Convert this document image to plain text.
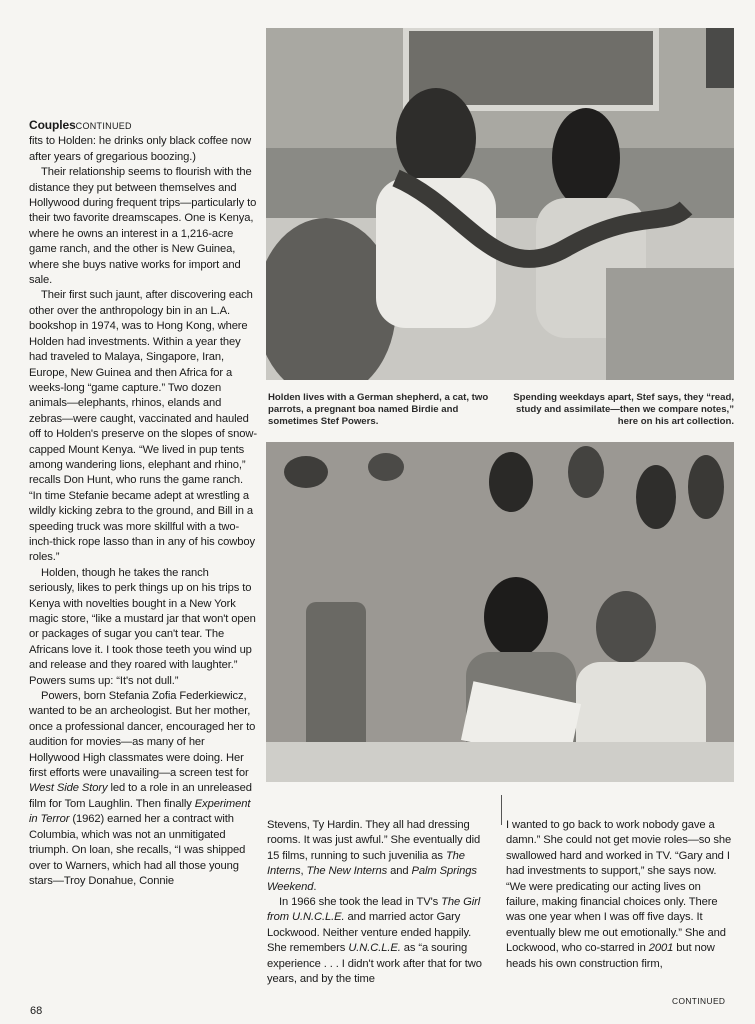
Holden lives with a German shepherd, a cat, two parrots, a pregnant boa named Birdie and sometimes Stef Powers.
Spending weekdays apart, Stef says, they “read, study and assimilate—then we compare notes,” here on his art collection.

CouplesCONTINUED
fits to Holden: he drinks only black coffee now after years of gregarious boozing.)

Their relationship seems to flourish with the distance they put between themselves and Hollywood during frequent trips—particularly to their two favorite dreamscapes. One is Kenya, where he owns an interest in a 1,216-acre game ranch, and the other is New Guinea, where she buys native works for import and sale.

Their first such jaunt, after discovering each other over the anthropology bin in an L.A. bookshop in 1974, was to Hong Kong, where Holden had investments. Within a year they had traveled to Malaya, Singapore, Iran, Europe, New Guinea and then Africa for a weeks-long “game capture.” Two dozen animals—elephants, rhinos, elands and zebras—were caught, vaccinated and hauled off to Holden's preserve on the slopes of snow-capped Mount Kenya. “We lived in pup tents among wandering lions, elephant and rhino,” recalls Don Hunt, who runs the game ranch. “In time Stefanie became adept at wrestling a wildly kicking zebra to the ground, and Bill in a speeding truck was more skillful with a two-inch-thick rope lasso than in any of his cowboy roles.”

Holden, though he takes the ranch seriously, likes to perk things up on his trips to Kenya with novelties bought in a New York magic store, “like a mustard jar that won't open or packages of sugar you can't tear. The Africans love it. I took those teeth you wind up and release and they roared with laughter.” Powers sums up: “It's not dull.”

Powers, born Stefania Zofia Federkiewicz, wanted to be an archeologist. But her mother, once a professional dancer, encouraged her to audition for movies—as many of her Hollywood High classmates were doing. Her first efforts were unavailing—a screen test for West Side Story led to a role in an unreleased film for Tom Laughlin. Then finally Experiment in Terror (1962) earned her a contract with Columbia, which was not an unmitigated triumph. On loan, she recalls, “I was shipped over to Warners, which had all those young stars—Troy Donahue, Connie

Stevens, Ty Hardin. They all had dressing rooms. It was just awful.” She eventually did 15 films, running to such juvenilia as The Interns, The New Interns and Palm Springs Weekend.

In 1966 she took the lead in TV's The Girl from U.N.C.L.E. and married actor Gary Lockwood. Neither venture ended happily. She remembers U.N.C.L.E. as “a souring experience . . . I didn't work after that for two years, and by the time

I wanted to go back to work nobody gave a damn.” She could not get movie roles—so she swallowed hard and worked in TV. “Gary and I had investments to support,” she says now. “We were predicating our acting lives on failure, making financial choices only. There was one year when I was off five days. It eventually blew me out emotionally.” She and Lockwood, who co-starred in 2001 but now heads his own construction firm,

CONTINUED
68
